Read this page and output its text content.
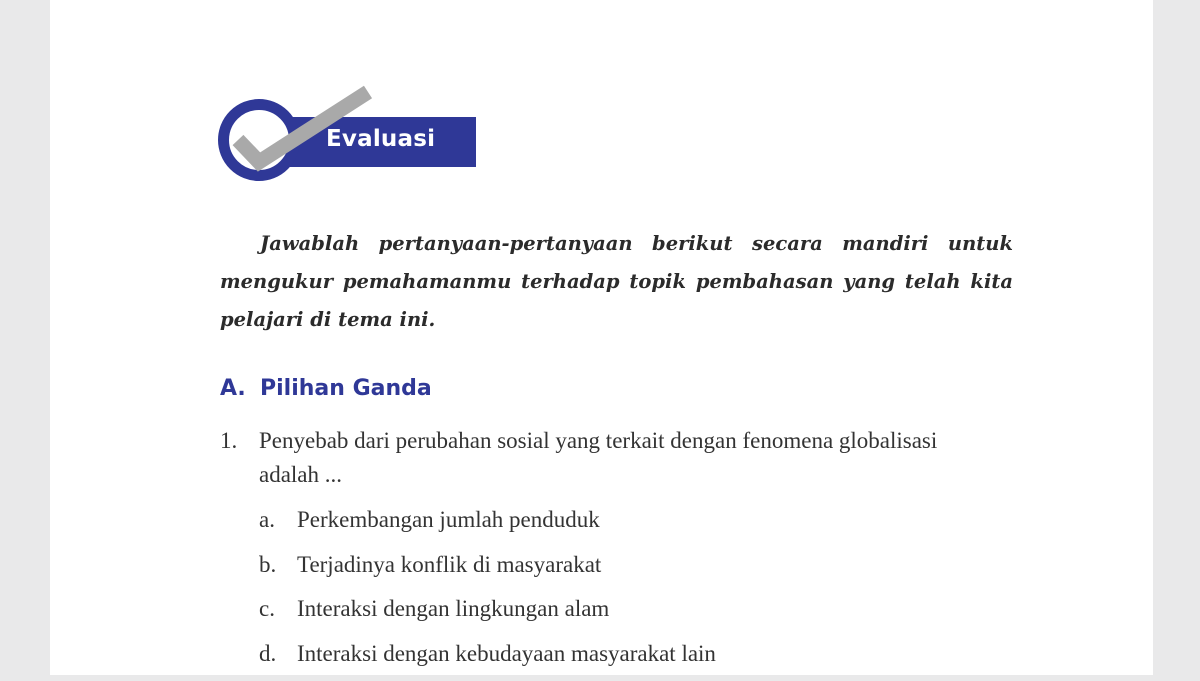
Evaluasi

Jawablah pertanyaan-pertanyaan berikut secara mandiri untuk mengukur pemahamanmu terhadap topik pembahasan yang telah kita pelajari di tema ini.

A. Pilihan Ganda
1. Penyebab dari perubahan sosial yang terkait dengan fenomena globalisasi adalah ...
a. Perkembangan jumlah penduduk
b. Terjadinya konflik di masyarakat
c. Interaksi dengan lingkungan alam
d. Interaksi dengan kebudayaan masyarakat lain
